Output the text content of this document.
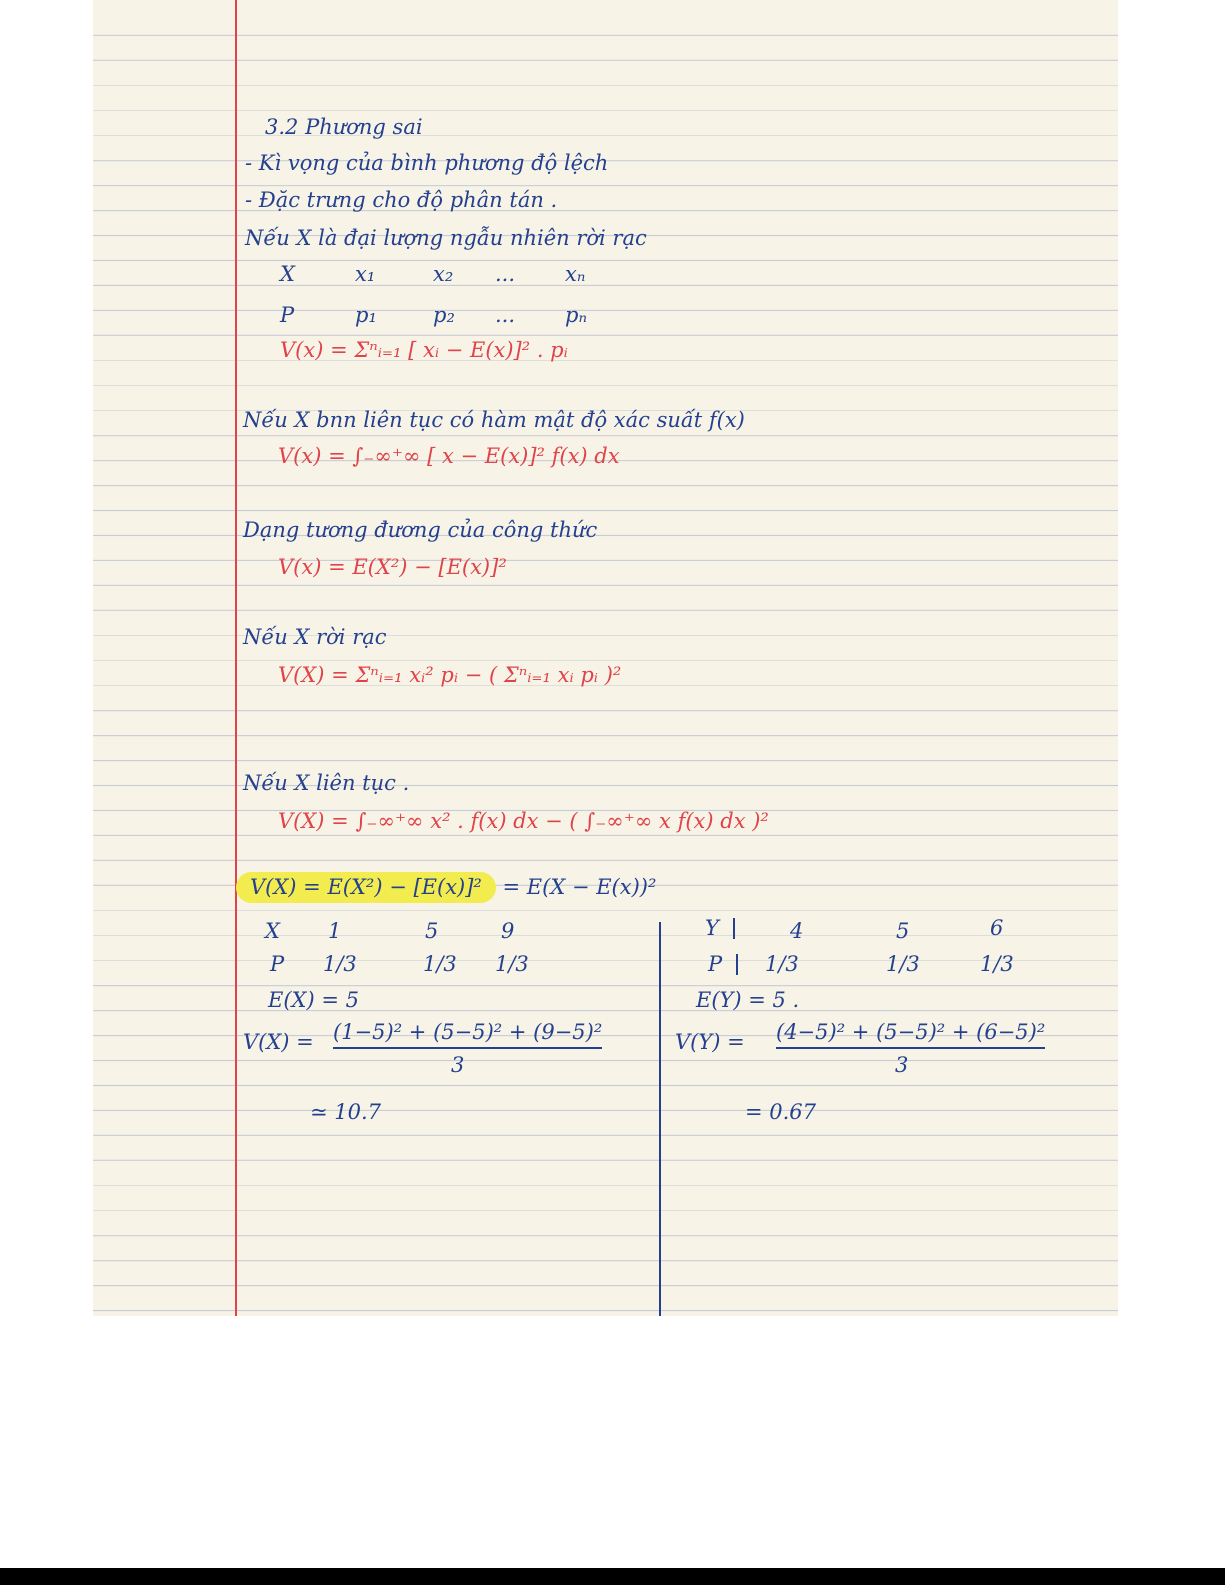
3.2 Phương sai
- Kì vọng của bình phương độ lệch
- Đặc trưng cho độ phân tán .
Nếu X là đại lượng ngẫu nhiên rời rạc
X	x₁	x₂ ... xₙ
P	p₁	p₂ ... pₙ
V(x) = Σⁿᵢ₌₁ [ xᵢ − E(x)]² . pᵢ
Nếu X bnn liên tục có hàm mật độ xác suất f(x)
V(x) = ∫₋∞⁺∞ [ x − E(x)]² f(x) dx
Dạng tương đương của công thức
V(x) = E(X²) − [E(x)]²
Nếu X rời rạc
V(X) = Σⁿᵢ₌₁ xᵢ² pᵢ − ( Σⁿᵢ₌₁ xᵢ pᵢ )²
Nếu X liên tục .
V(X) = ∫₋∞⁺∞ x² . f(x) dx − ( ∫₋∞⁺∞ x f(x) dx )²
V(X) = E(X²) − [E(x)]² = E(X − E(x))²
X 1	5	9
P 1/3	1/3 1/3
E(X) = 5
V(X) = (1−5)² + (5−5)² + (9−5)²
3
≃ 10.7
Y	4	5	6
P	1/3	1/3	1/3
E(Y) = 5 .
V(Y) = (4−5)² + (5−5)² + (6−5)²
3
= 0.67
